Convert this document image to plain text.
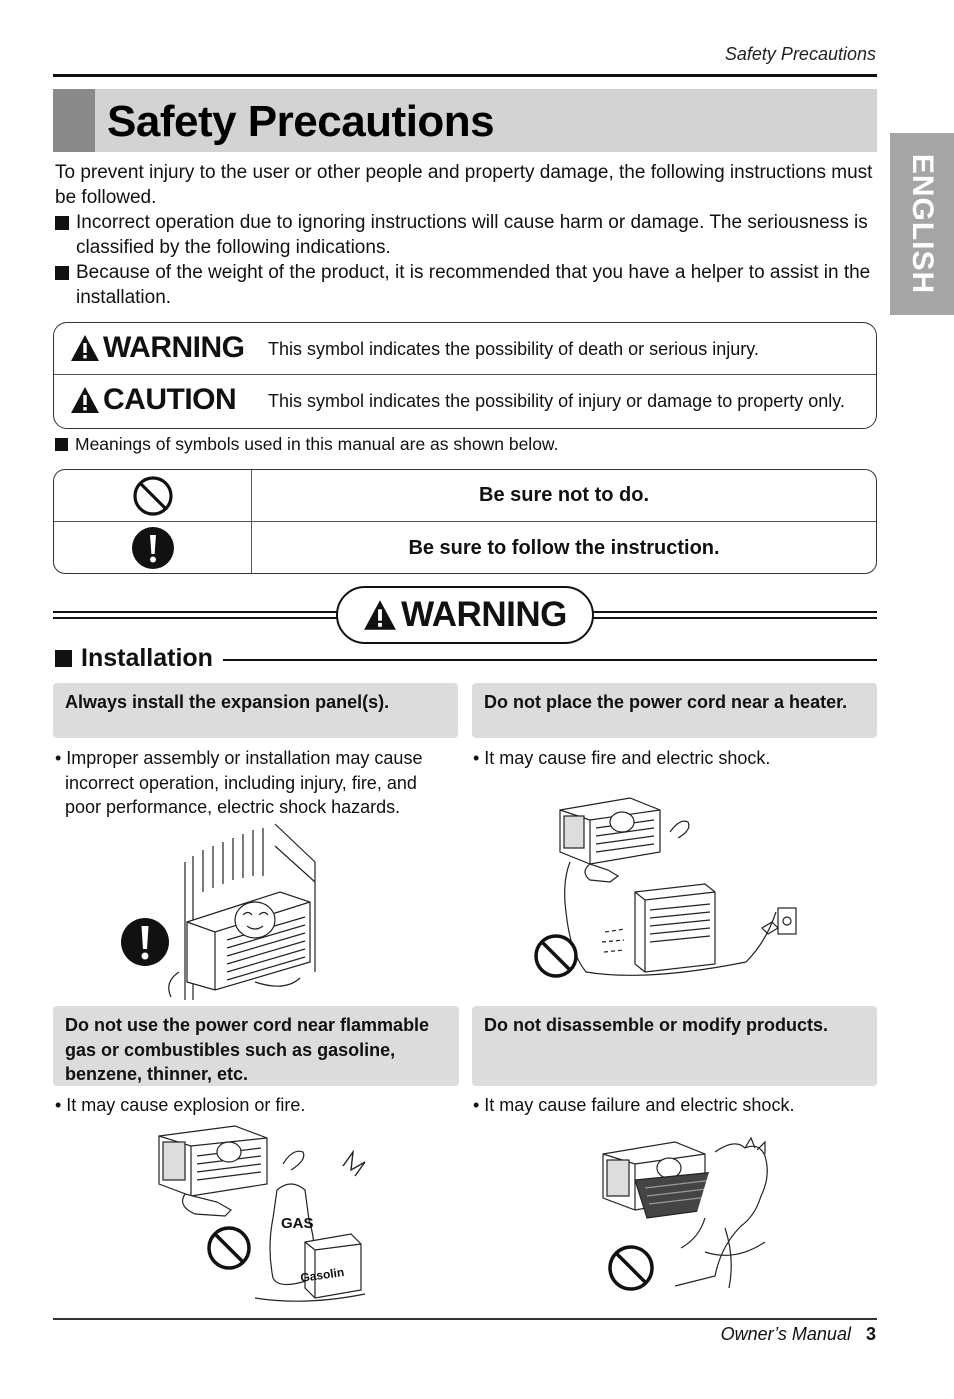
Safety Precautions
Safety Precautions
ENGLISH
To prevent injury to the user or other people and property damage, the following instructions must be followed.
Incorrect operation due to ignoring instructions will cause harm or damage. The seriousness is classified by the following indications.
Because of the weight of the product, it is recommended that you have a helper to assist in the installation.
WARNING This symbol indicates the possibility of death or serious injury.
CAUTION This symbol indicates the possibility of injury or damage to property only.
Meanings of symbols used in this manual are as shown below.
Be sure not to do.
Be sure to follow the instruction.
WARNING
Installation
Always install the expansion panel(s).
• Improper assembly or installation may cause incorrect operation, including injury, fire, and poor performance, electric shock hazards.
Do not place the power cord near a heater.
• It may cause fire and electric shock.
Do not use the power cord near flammable gas or combustibles such as gasoline, benzene, thinner, etc.
• It may cause explosion or fire.
Do not disassemble or modify products.
• It may cause failure and electric shock.
GAS
Gasolin
Owner’s Manual 3
